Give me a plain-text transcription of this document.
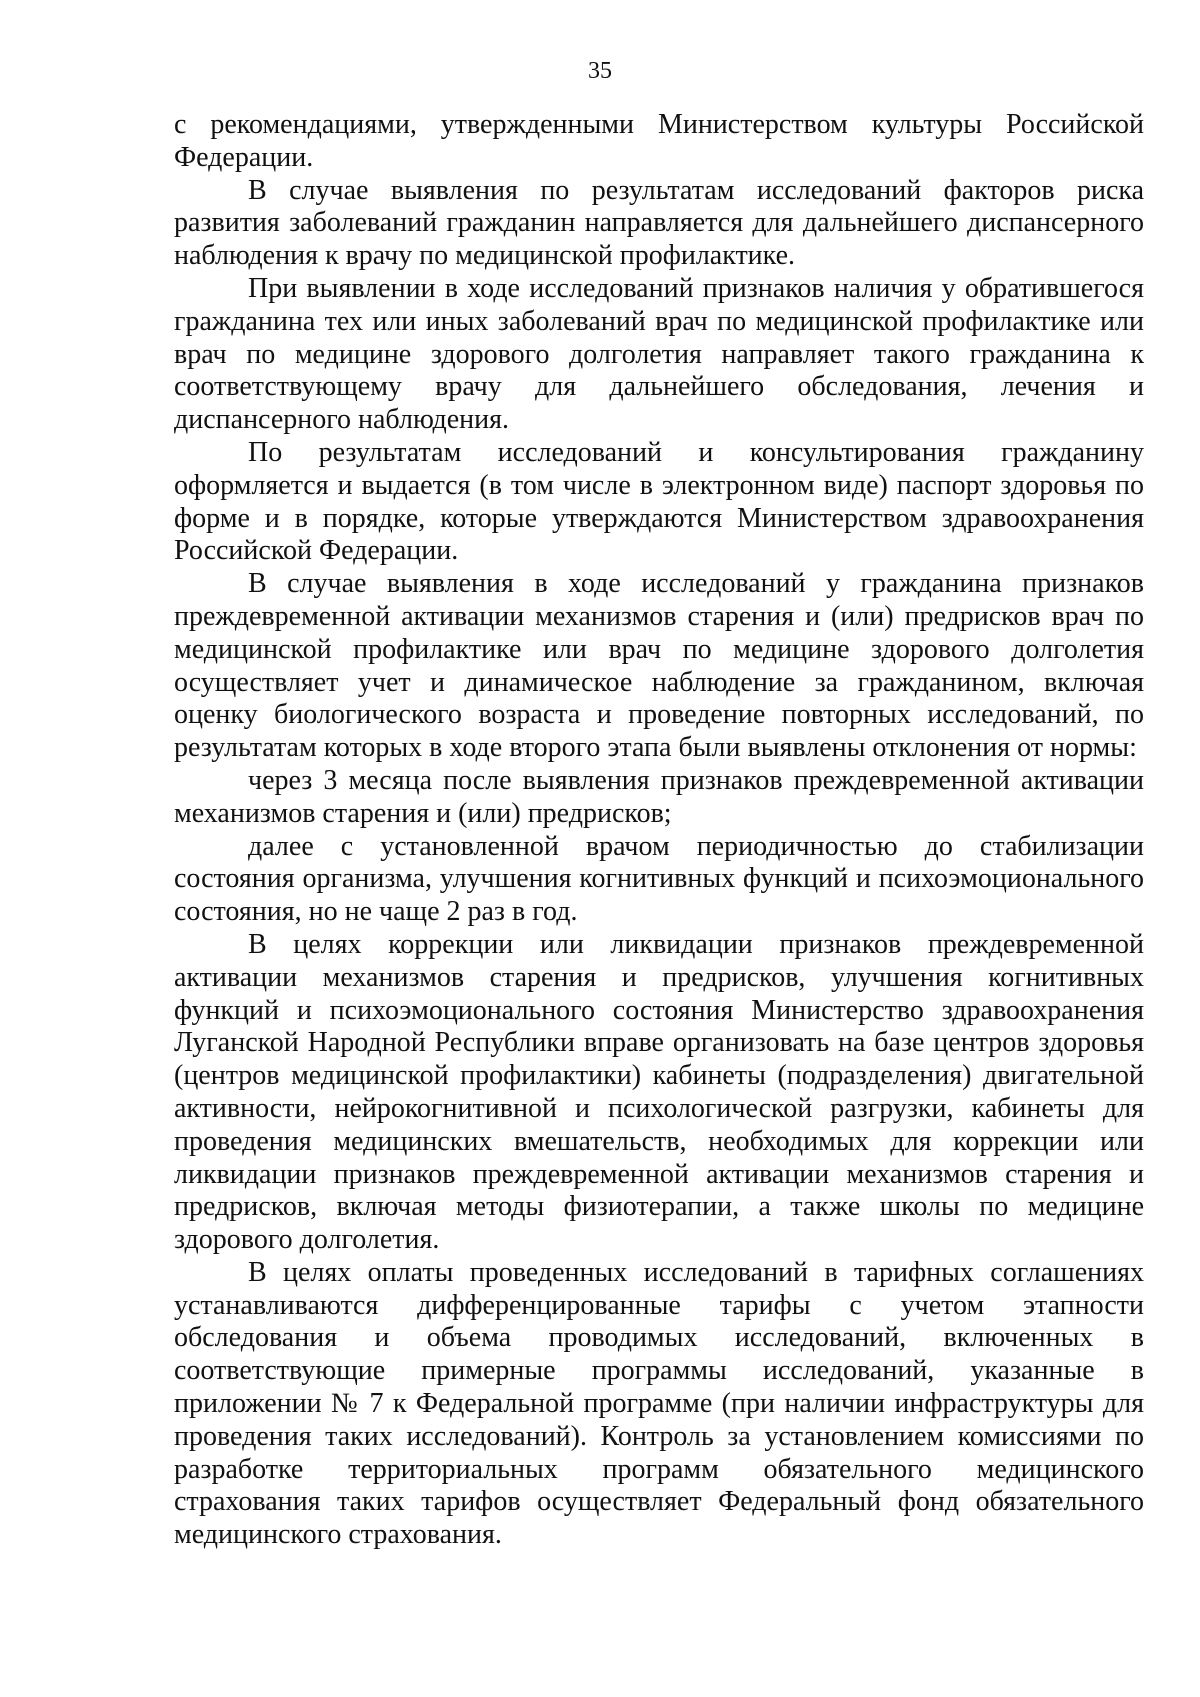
35

с рекомендациями, утвержденными Министерством культуры Российской Федерации.

В случае выявления по результатам исследований факторов риска развития заболеваний гражданин направляется для дальнейшего диспансерного наблюдения к врачу по медицинской профилактике.

При выявлении в ходе исследований признаков наличия у обратившегося гражданина тех или иных заболеваний врач по медицинской профилактике или врач по медицине здорового долголетия направляет такого гражданина к соответствующему врачу для дальнейшего обследования, лечения и диспансерного наблюдения.

По результатам исследований и консультирования гражданину оформляется и выдается (в том числе в электронном виде) паспорт здоровья по форме и в порядке, которые утверждаются Министерством здравоохранения Российской Федерации.

В случае выявления в ходе исследований у гражданина признаков преждевременной активации механизмов старения и (или) предрисков врач по медицинской профилактике или врач по медицине здорового долголетия осуществляет учет и динамическое наблюдение за гражданином, включая оценку биологического возраста и проведение повторных исследований, по результатам которых в ходе второго этапа были выявлены отклонения от нормы:

через 3 месяца после выявления признаков преждевременной активации механизмов старения и (или) предрисков;

далее с установленной врачом периодичностью до стабилизации состояния организма, улучшения когнитивных функций и психоэмоционального состояния, но не чаще 2 раз в год.

В целях коррекции или ликвидации признаков преждевременной активации механизмов старения и предрисков, улучшения когнитивных функций и психоэмоционального состояния Министерство здравоохранения Луганской Народной Республики вправе организовать на базе центров здоровья (центров медицинской профилактики) кабинеты (подразделения) двигательной активности, нейрокогнитивной и психологической разгрузки, кабинеты для проведения медицинских вмешательств, необходимых для коррекции или ликвидации признаков преждевременной активации механизмов старения и предрисков, включая методы физиотерапии, а также школы по медицине здорового долголетия.

В целях оплаты проведенных исследований в тарифных соглашениях устанавливаются дифференцированные тарифы с учетом этапности обследования и объема проводимых исследований, включенных в соответствующие примерные программы исследований, указанные в приложении № 7 к Федеральной программе (при наличии инфраструктуры для проведения таких исследований). Контроль за установлением комиссиями по разработке территориальных программ обязательного медицинского страхования таких тарифов осуществляет Федеральный фонд обязательного медицинского страхования.
